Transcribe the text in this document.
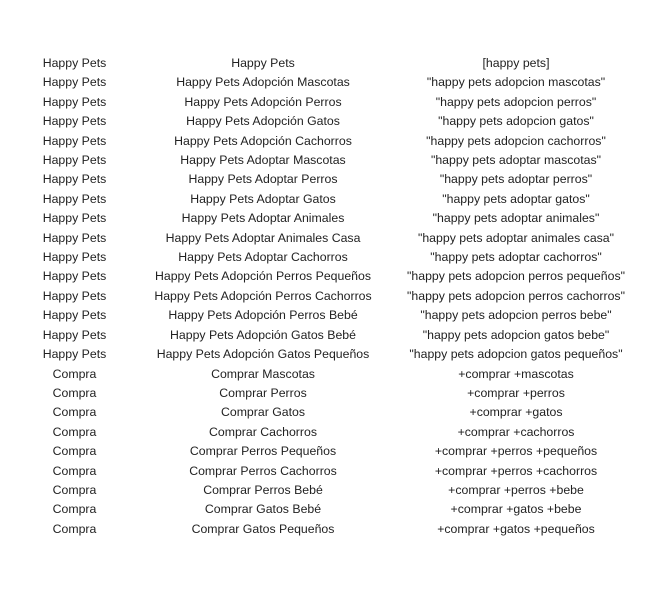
Happy Pets	Happy Pets	[happy pets]
Happy Pets	Happy Pets Adopción Mascotas	"happy pets adopcion mascotas"
Happy Pets	Happy Pets Adopción Perros	"happy pets adopcion perros"
Happy Pets	Happy Pets Adopción Gatos	"happy pets adopcion gatos"
Happy Pets	Happy Pets Adopción Cachorros	"happy pets adopcion cachorros"
Happy Pets	Happy Pets Adoptar Mascotas	"happy pets adoptar mascotas"
Happy Pets	Happy Pets Adoptar Perros	"happy pets adoptar perros"
Happy Pets	Happy Pets Adoptar Gatos	"happy pets adoptar gatos"
Happy Pets	Happy Pets Adoptar Animales	"happy pets adoptar animales"
Happy Pets	Happy Pets Adoptar Animales Casa	"happy pets adoptar animales casa"
Happy Pets	Happy Pets Adoptar Cachorros	"happy pets adoptar cachorros"
Happy Pets	Happy Pets Adopción Perros Pequeños	"happy pets adopcion perros pequeños"
Happy Pets	Happy Pets Adopción Perros Cachorros	"happy pets adopcion perros cachorros"
Happy Pets	Happy Pets Adopción Perros Bebé	"happy pets adopcion perros bebe"
Happy Pets	Happy Pets Adopción Gatos Bebé	"happy pets adopcion gatos bebe"
Happy Pets	Happy Pets Adopción Gatos Pequeños	"happy pets adopcion gatos pequeños"
Compra	Comprar Mascotas	+comprar +mascotas
Compra	Comprar Perros	+comprar +perros
Compra	Comprar Gatos	+comprar +gatos
Compra	Comprar Cachorros	+comprar +cachorros
Compra	Comprar Perros Pequeños	+comprar +perros +pequeños
Compra	Comprar Perros Cachorros	+comprar +perros +cachorros
Compra	Comprar Perros Bebé	+comprar +perros +bebe
Compra	Comprar Gatos Bebé	+comprar +gatos +bebe
Compra	Comprar Gatos Pequeños	+comprar +gatos +pequeños
